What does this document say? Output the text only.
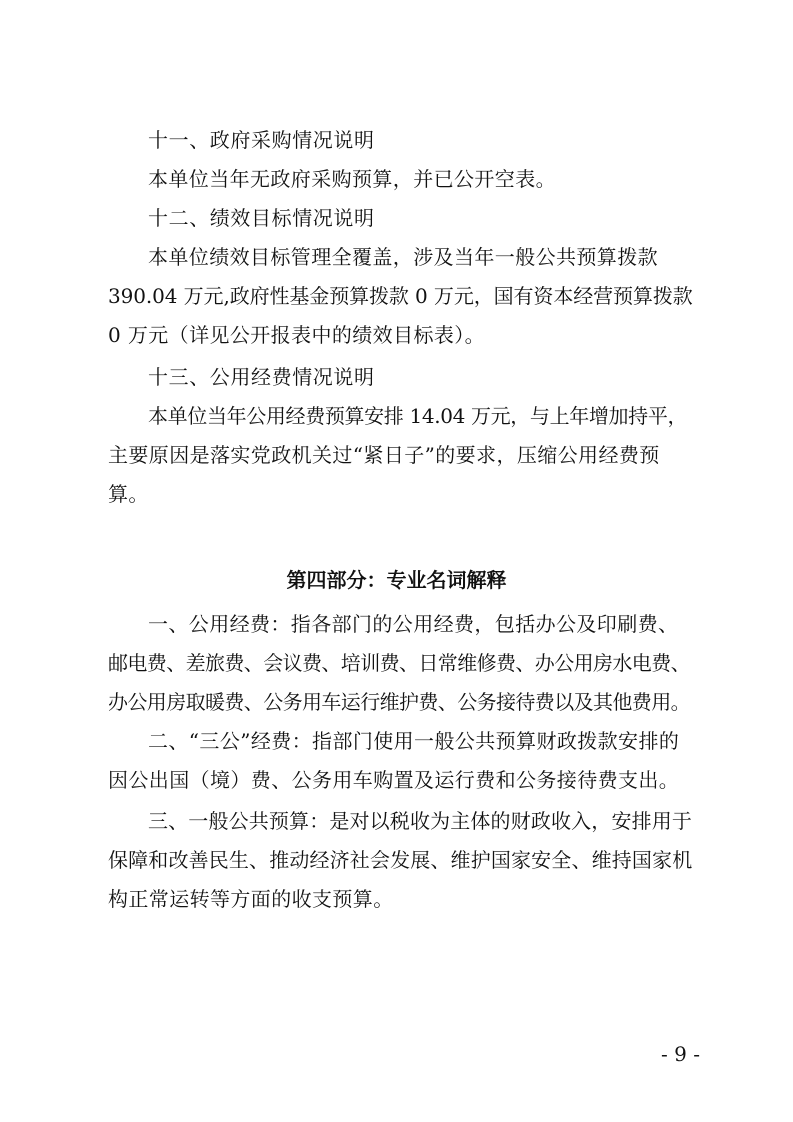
十一、政府采购情况说明
本单位当年无政府采购预算，并已公开空表。
十二、绩效目标情况说明
本单位绩效目标管理全覆盖，涉及当年一般公共预算拨款
390.04 万元,政府性基金预算拨款 0 万元，国有资本经营预算拨款
0 万元（详见公开报表中的绩效目标表）。
十三、公用经费情况说明
本单位当年公用经费预算安排 14.04 万元，与上年增加持平，
主要原因是落实党政机关过“紧日子”的要求，压缩公用经费预
算。
第四部分：专业名词解释
一、公用经费：指各部门的公用经费，包括办公及印刷费、
邮电费、差旅费、会议费、培训费、日常维修费、办公用房水电费、
办公用房取暖费、公务用车运行维护费、公务接待费以及其他费用。
二、“三公”经费：指部门使用一般公共预算财政拨款安排的
因公出国（境）费、公务用车购置及运行费和公务接待费支出。
三、一般公共预算：是对以税收为主体的财政收入，安排用于
保障和改善民生、推动经济社会发展、维护国家安全、维持国家机
构正常运转等方面的收支预算。
- 9 -
